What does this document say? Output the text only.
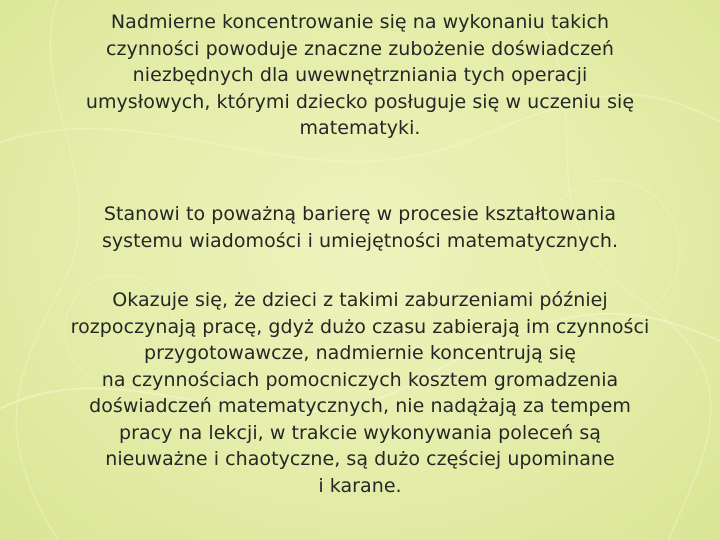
Nadmierne koncentrowanie się na wykonaniu takich
czynności powoduje znaczne zubożenie doświadczeń
niezbędnych dla uwewnętrzniania tych operacji
umysłowych, którymi dziecko posługuje się w uczeniu się
matematyki.

Stanowi to poważną barierę w procesie kształtowania
systemu wiadomości i umiejętności matematycznych.

Okazuje się, że dzieci z takimi zaburzeniami później
rozpoczynają pracę, gdyż dużo czasu zabierają im czynności
przygotowawcze, nadmiernie koncentrują się
na czynnościach pomocniczych kosztem gromadzenia
doświadczeń matematycznych, nie nadążają za tempem
pracy na lekcji, w trakcie wykonywania poleceń są
nieuważne i chaotyczne, są dużo częściej upominane
i karane.
